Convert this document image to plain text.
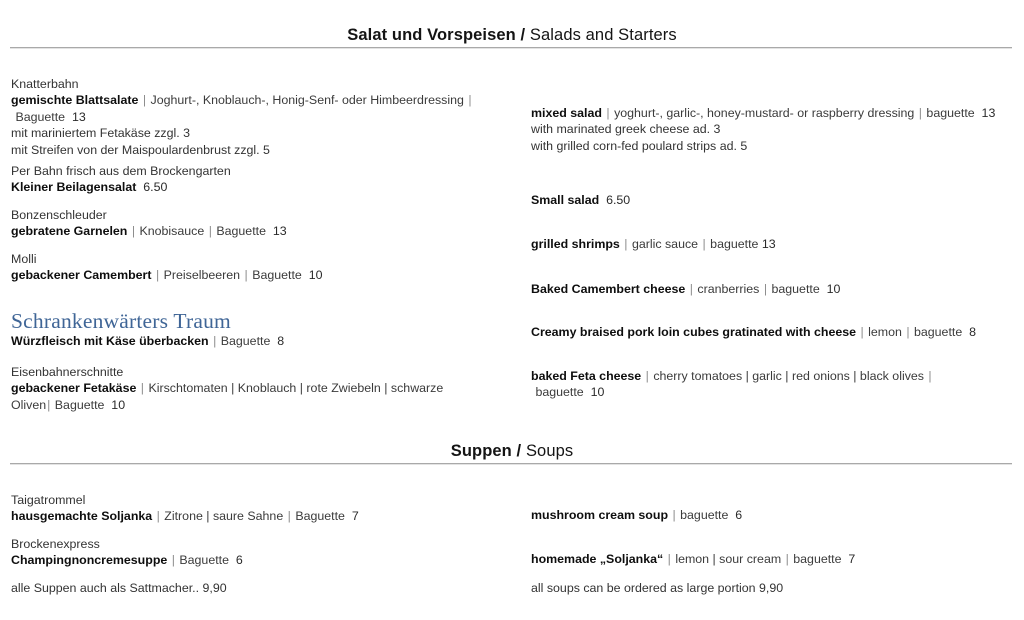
Salat und Vorspeisen / Salads and Starters
Knatterbahn
gemischte Blattsalate | Joghurt-, Knoblauch-, Honig-Senf- oder Himbeerdressing | Baguette 13
mit mariniertem Fetakäse zzgl. 3
mit Streifen von der Maispoulardenbrust zzgl. 5
Per Bahn frisch aus dem Brockengarten
Kleiner Beilagensalat 6.50
Bonzenschleuder
gebratene Garnelen | Knobisauce | Baguette 13
Molli
gebackener Camembert | Preiselbeeren | Baguette 10
Schrankenwärters Traum
Würzfleisch mit Käse überbacken | Baguette 8
Eisenbahnerschnitte
gebackener Fetakäse | Kirschtomaten | Knoblauch | rote Zwiebeln | schwarze Oliven| Baguette 10
mixed salad | yoghurt-, garlic-, honey-mustard- or raspberry dressing | baguette 13
with marinated greek cheese ad. 3
with grilled corn-fed poulard strips ad. 5
Small salad 6.50
grilled shrimps | garlic sauce | baguette 13
Baked Camembert cheese | cranberries | baguette 10
Creamy braised pork loin cubes gratinated with cheese | lemon | baguette 8
baked Feta cheese | cherry tomatoes | garlic | red onions | black olives | baguette 10
Suppen / Soups
Taigatrommel
hausgemachte Soljanka | Zitrone | saure Sahne | Baguette 7
Brockenexpress
Champingnoncremesuppe | Baguette 6
alle Suppen auch als Sattmacher.. 9,90
mushroom cream soup | baguette 6
homemade „Soljanka“ | lemon | sour cream | baguette 7
all soups can be ordered as large portion 9,90
